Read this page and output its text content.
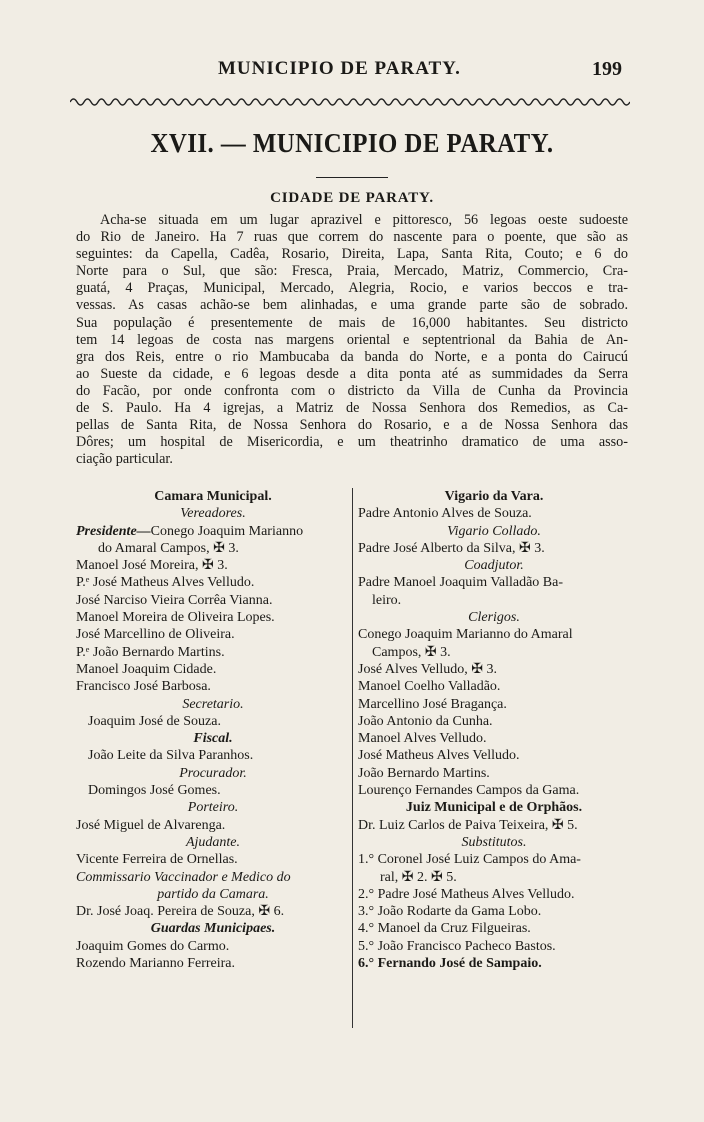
MUNICIPIO DE PARATY.	199
XVII. — MUNICIPIO DE PARATY.
CIDADE DE PARATY.
Acha-se situada em um lugar aprazivel e pittoresco, 56 legoas oeste sudoeste
do Rio de Janeiro. Ha 7 ruas que correm do nascente para o poente, que são as
seguintes: da Capella, Cadêa, Rosario, Direita, Lapa, Santa Rita, Couto; e 6 do
Norte para o Sul, que são: Fresca, Praia, Mercado, Matriz, Commercio, Cra-
guatá, 4 Praças, Municipal, Mercado, Alegria, Rocio, e varios beccos e tra-
vessas. As casas achão-se bem alinhadas, e uma grande parte são de sobrado.
Sua população é presentemente de mais de 16,000 habitantes. Seu districto
tem 14 legoas de costa nas margens oriental e septentrional da Bahia de An-
gra dos Reis, entre o rio Mambucaba da banda do Norte, e a ponta do Cairucú
ao Sueste da cidade, e 6 legoas desde a dita ponta até as summidades da Serra
do Facão, por onde confronta com o districto da Villa de Cunha da Provincia
de S. Paulo. Ha 4 igrejas, a Matriz de Nossa Senhora dos Remedios, as Ca-
pellas de Santa Rita, de Nossa Senhora do Rosario, e a de Nossa Senhora das
Dôres; um hospital de Misericordia, e um theatrinho dramatico de uma asso-
ciação particular.
Camara Municipal.
Vereadores.
Presidente—Conego Joaquim Marianno
do Amaral Campos, ✠ 3.
Manoel José Moreira, ✠ 3.
P.ᵉ José Matheus Alves Velludo.
José Narciso Vieira Corrêa Vianna.
Manoel Moreira de Oliveira Lopes.
José Marcellino de Oliveira.
P.ᵉ João Bernardo Martins.
Manoel Joaquim Cidade.
Francisco José Barbosa.
Secretario.
Joaquim José de Souza.
Fiscal.
João Leite da Silva Paranhos.
Procurador.
Domingos José Gomes.
Porteiro.
José Miguel de Alvarenga.
Ajudante.
Vicente Ferreira de Ornellas.
Commissario Vaccinador e Medico do
partido da Camara.
Dr. José Joaq. Pereira de Souza, ✠ 6.
Guardas Municipaes.
Joaquim Gomes do Carmo.
Rozendo Marianno Ferreira.
Vigario da Vara.
Padre Antonio Alves de Souza.
Vigario Collado.
Padre José Alberto da Silva, ✠ 3.
Coadjutor.
Padre Manoel Joaquim Valladão Ba-
leiro.
Clerigos.
Conego Joaquim Marianno do Amaral
Campos, ✠ 3.
José Alves Velludo, ✠ 3.
Manoel Coelho Valladão.
Marcellino José Bragança.
João Antonio da Cunha.
Manoel Alves Velludo.
José Matheus Alves Velludo.
João Bernardo Martins.
Lourenço Fernandes Campos da Gama.
Juiz Municipal e de Orphãos.
Dr. Luiz Carlos de Paiva Teixeira, ✠ 5.
Substitutos.
1.° Coronel José Luiz Campos do Ama-
ral, ✠ 2. ✠ 5.
2.° Padre José Matheus Alves Velludo.
3.° João Rodarte da Gama Lobo.
4.° Manoel da Cruz Filgueiras.
5.° João Francisco Pacheco Bastos.
6.° Fernando José de Sampaio.
